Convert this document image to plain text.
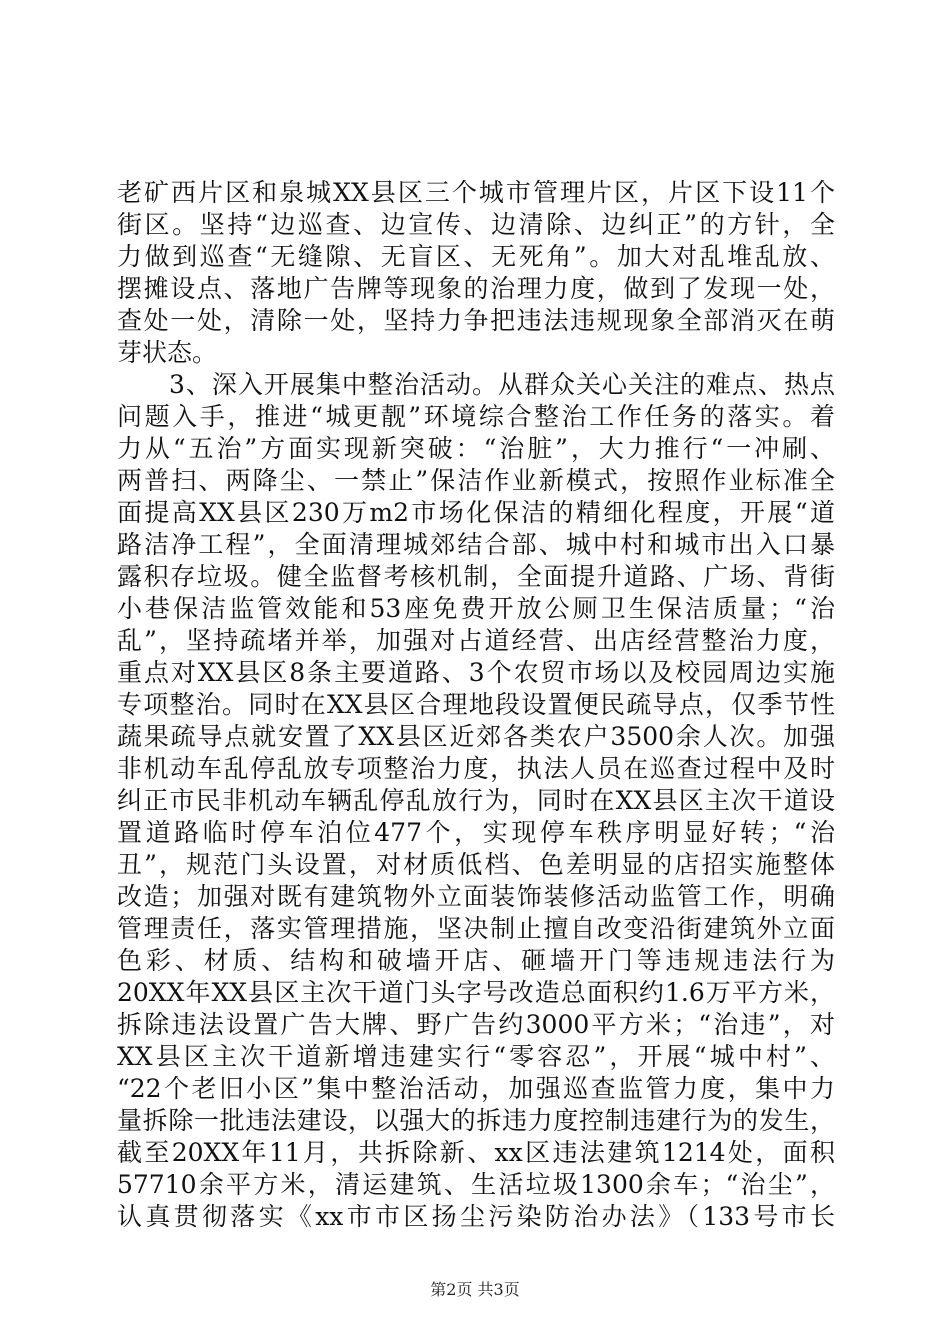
老矿西片区和泉城XX县区三个城市管理片区，片区下设11个
街区。坚持“边巡查、边宣传、边清除、边纠正”的方针，全
力做到巡查“无缝隙、无盲区、无死角”。加大对乱堆乱放、
摆摊设点、落地广告牌等现象的治理力度，做到了发现一处，
查处一处，清除一处，坚持力争把违法违规现象全部消灭在萌
芽状态。
　　3、深入开展集中整治活动。从群众关心关注的难点、热点
问题入手，推进“城更靓”环境综合整治工作任务的落实。着
力从“五治”方面实现新突破：“治脏”，大力推行“一冲刷、
两普扫、两降尘、一禁止”保洁作业新模式，按照作业标准全
面提高XX县区230万m2市场化保洁的精细化程度，开展“道
路洁净工程”，全面清理城郊结合部、城中村和城市出入口暴
露积存垃圾。健全监督考核机制，全面提升道路、广场、背街
小巷保洁监管效能和53座免费开放公厕卫生保洁质量；“治
乱”，坚持疏堵并举，加强对占道经营、出店经营整治力度，
重点对XX县区8条主要道路、3个农贸市场以及校园周边实施
专项整治。同时在XX县区合理地段设置便民疏导点，仅季节性
蔬果疏导点就安置了XX县区近郊各类农户3500余人次。加强
非机动车乱停乱放专项整治力度，执法人员在巡查过程中及时
纠正市民非机动车辆乱停乱放行为，同时在XX县区主次干道设
置道路临时停车泊位477个，实现停车秩序明显好转；“治
丑”，规范门头设置，对材质低档、色差明显的店招实施整体
改造；加强对既有建筑物外立面装饰装修活动监管工作，明确
管理责任，落实管理措施，坚决制止擅自改变沿街建筑外立面
色彩、材质、结构和破墙开店、砸墙开门等违规违法行为
20XX年XX县区主次干道门头字号改造总面积约1.6万平方米，
拆除违法设置广告大牌、野广告约3000平方米；“治违”，对
XX县区主次干道新增违建实行“零容忍”，开展“城中村”、
“22个老旧小区”集中整治活动，加强巡查监管力度，集中力
量拆除一批违法建设，以强大的拆违力度控制违建行为的发生，
截至20XX年11月，共拆除新、xx区违法建筑1214处，面积
57710余平方米，清运建筑、生活垃圾1300余车；“治尘”，
认真贯彻落实《xx市市区扬尘污染防治办法》（133号市长
第2页 共3页
